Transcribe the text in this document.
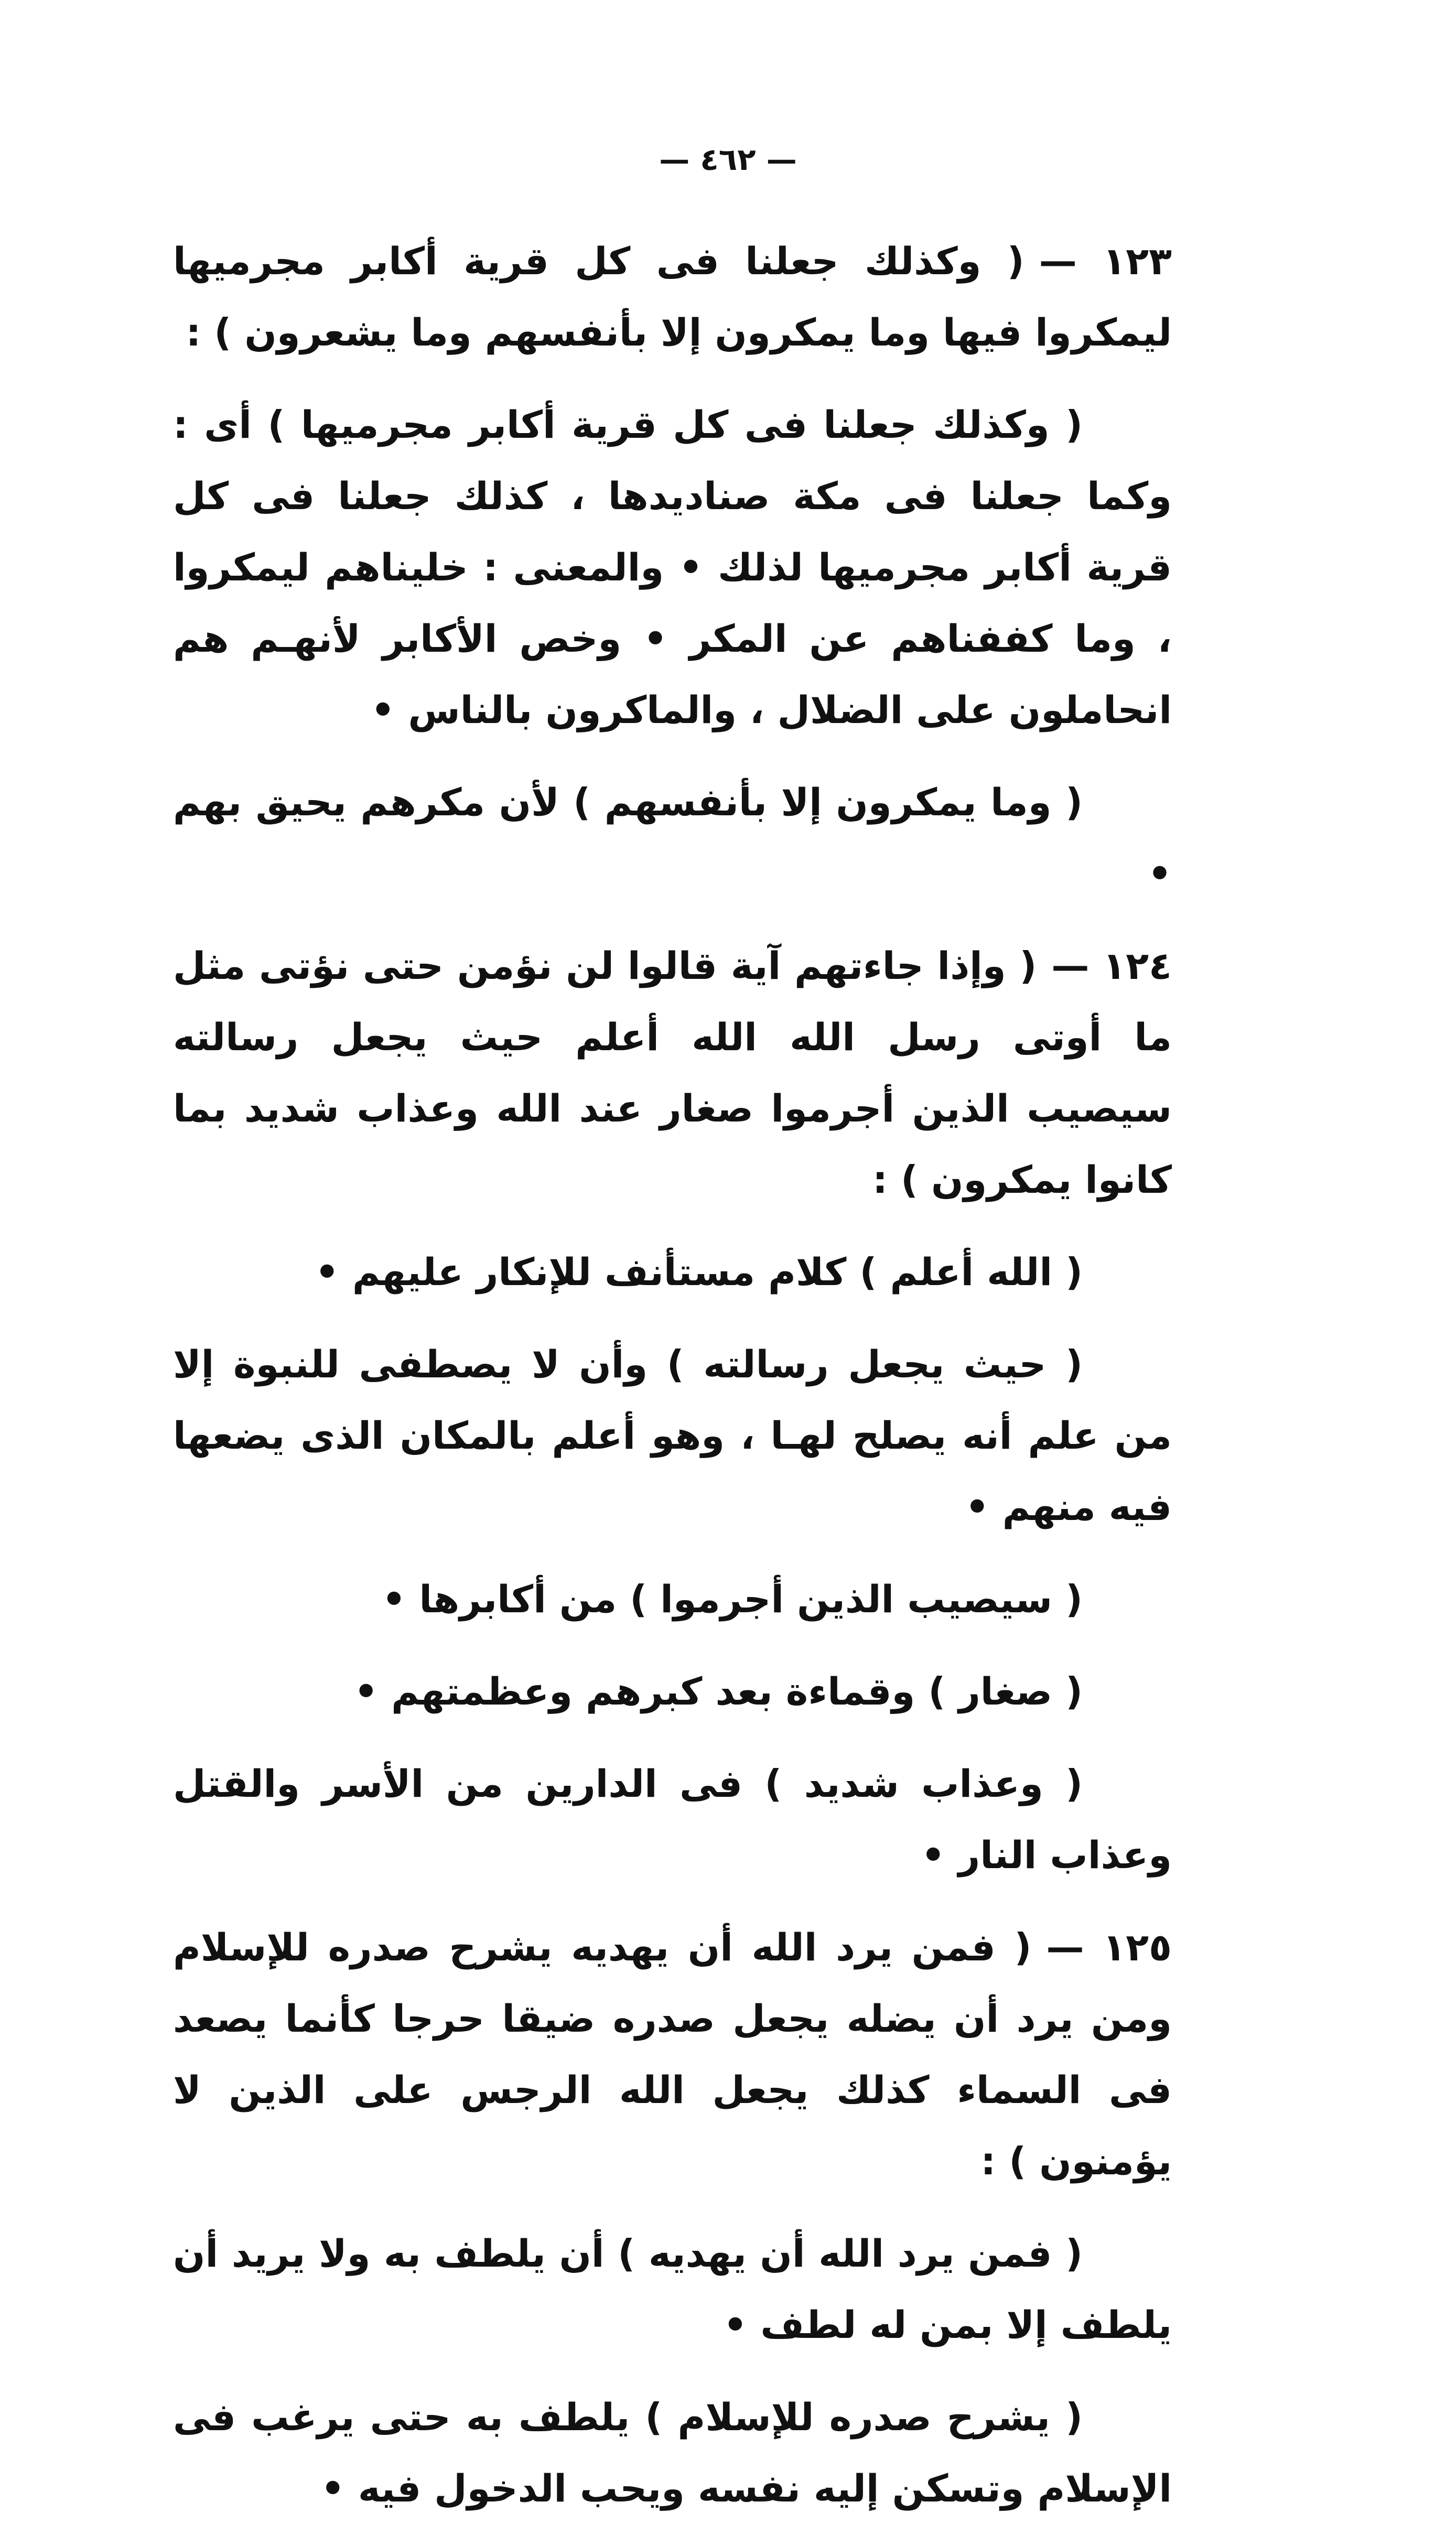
— ٤٦٢ —

١٢٣ —( وكذلك جعلنا فى كل قرية أكابر مجرميها ليمكروا فيها وما يمكرون إلا بأنفسهم وما يشعرون ) :

( وكذلك جعلنا فى كل قرية أكابر مجرميها ) أى : وكما جعلنا فى مكة صناديدها ، كذلك جعلنا فى كل قرية أكابر مجرميها لذلك • والمعنى : خليناهم ليمكروا ، وما كففناهم عن المكر • وخص الأكابر لأنهـم هم انحاملون على الضلال ، والماكرون بالناس •

( وما يمكرون إلا بأنفسهم ) لأن مكرهم يحيق بهم •

١٢٤ —( وإذا جاءتهم آية قالوا لن نؤمن حتى نؤتى مثل ما أوتى رسل الله الله أعلم حيث يجعل رسالته سيصيب الذين أجرموا صغار عند الله وعذاب شديد بما كانوا يمكرون ) :

( الله أعلم ) كلام مستأنف للإنكار عليهم •

( حيث يجعل رسالته ) وأن لا يصطفى للنبوة إلا من علم أنه يصلح لهـا ، وهو أعلم بالمكان الذى يضعها فيه منهم •

( سيصيب الذين أجرموا ) من أكابرها •

( صغار ) وقماءة بعد كبرهم وعظمتهم •

( وعذاب شديد ) فى الدارين من الأسر والقتل وعذاب النار •

١٢٥ —( فمن يرد الله أن يهديه يشرح صدره للإسلام ومن يرد أن يضله يجعل صدره ضيقا حرجا كأنما يصعد فى السماء كذلك يجعل الله الرجس على الذين لا يؤمنون ) :

( فمن يرد الله أن يهديه ) أن يلطف به ولا يريد أن يلطف إلا بمن له لطف •

( يشرح صدره للإسلام ) يلطف به حتى يرغب فى الإسلام وتسكن إليه نفسه ويحب الدخول فيه •
